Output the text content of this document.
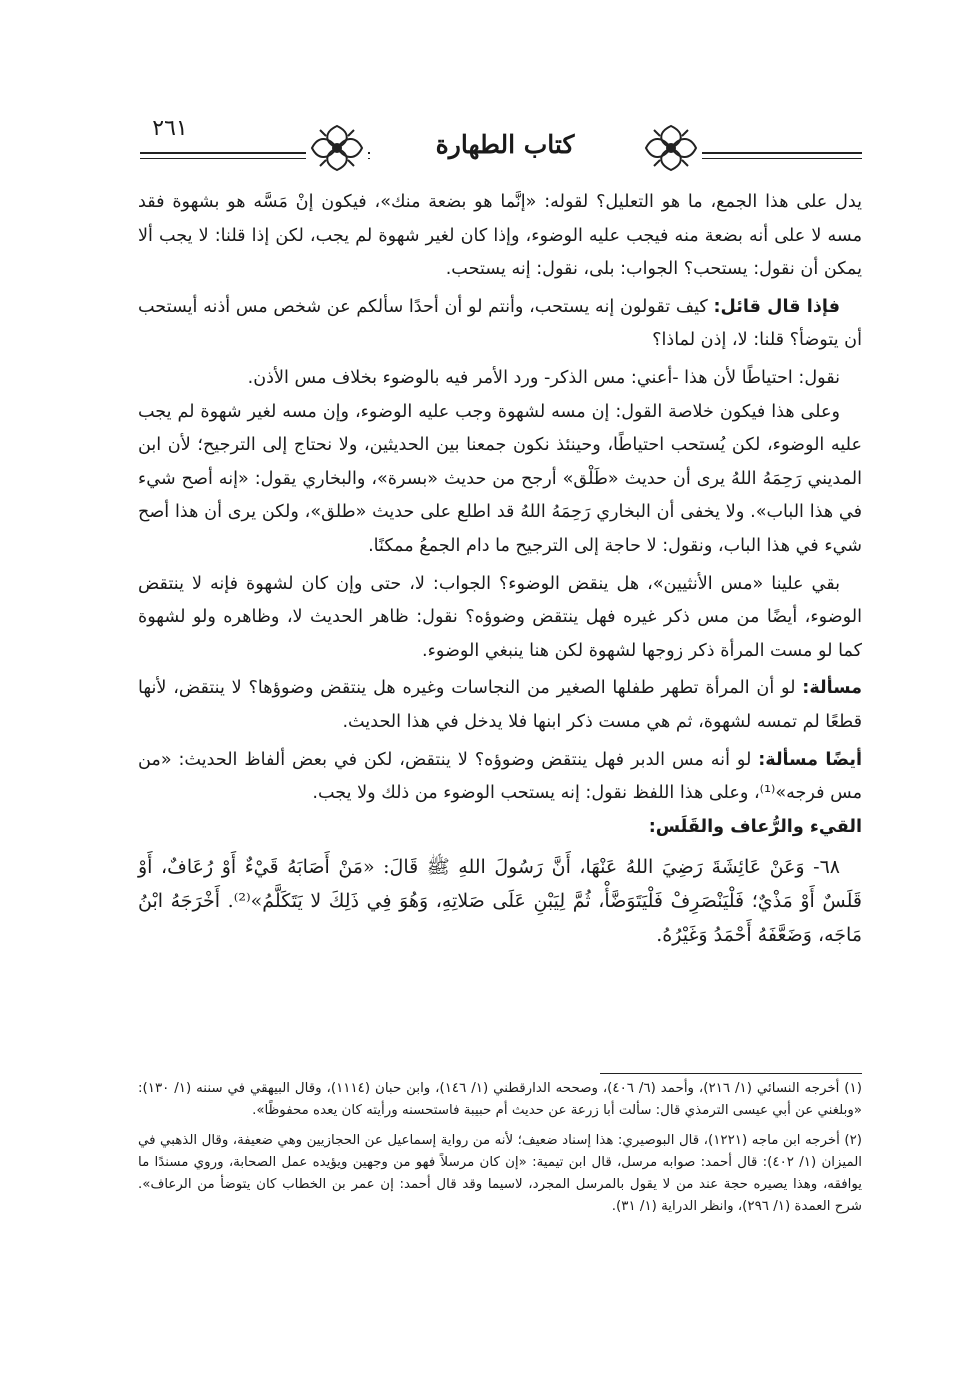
٢٦١
كتاب الطهارة

يدل على هذا الجمع، ما هو التعليل؟ لقوله: «إنَّما هو بضعة منك»، فيكون إنْ مَسَّه هو بشهوة فقد مسه لا على أنه بضعة منه فيجب عليه الوضوء، وإذا كان لغير شهوة لم يجب، لكن إذا قلنا: لا يجب ألا يمكن أن نقول: يستحب؟ الجواب: بلى، نقول: إنه يستحب.

فإذا قال قائل: كيف تقولون إنه يستحب، وأنتم لو أن أحدًا سألكم عن شخص مس أذنه أيستحب أن يتوضأ؟ قلنا: لا، إذن لماذا؟

نقول: احتياطًا لأن هذا -أعني: مس الذكر- ورد الأمر فيه بالوضوء بخلاف مس الأذن.

وعلى هذا فيكون خلاصة القول: إن مسه لشهوة وجب عليه الوضوء، وإن مسه لغير شهوة لم يجب عليه الوضوء، لكن يُستحب احتياطًا، وحينئذ نكون جمعنا بين الحديثين، ولا نحتاج إلى الترجيح؛ لأن ابن المديني رَحِمَهُ اللهُ يرى أن حديث «طَلْق» أرجح من حديث «بسرة»، والبخاري يقول: «إنه أصح شيء في هذا الباب». ولا يخفى أن البخاري رَحِمَهُ اللهُ قد اطلع على حديث «طلق»، ولكن يرى أن هذا أصح شيء في هذا الباب، ونقول: لا حاجة إلى الترجيح ما دام الجمعُ ممكنًا.

بقي علينا «مس الأنثيين»، هل ينقض الوضوء؟ الجواب: لا، حتى وإن كان لشهوة فإنه لا ينتقض الوضوء، أيضًا من مس ذكر غيره فهل ينتقض وضوؤه؟ نقول: ظاهر الحديث لا، وظاهره ولو لشهوة كما لو مست المرأة ذكر زوجها لشهوة لكن هنا ينبغي الوضوء.

مسألة: لو أن المرأة تطهر طفلها الصغير من النجاسات وغيره هل ينتقض وضوؤها؟ لا ينتقض، لأنها قطعًا لم تمسه لشهوة، ثم هي مست ذكر ابنها فلا يدخل في هذا الحديث.

أيضًا مسألة: لو أنه مس الدبر فهل ينتقض وضوؤه؟ لا ينتقض، لكن في بعض ألفاظ الحديث: «من مس فرجه»⁽¹⁾، وعلى هذا اللفظ نقول: إنه يستحب الوضوء من ذلك ولا يجب.

القيء والرُّعاف والقَلَس:

٦٨- وَعَنْ عَائِشَةَ رَضِيَ اللهُ عَنْهَا، أَنَّ رَسُولَ اللهِ ﷺ قَالَ: «مَنْ أَصَابَهُ قَيْءٌ أَوْ رُعَافٌ، أَوْ قَلَسٌ أَوْ مَذْيٌ؛ فَلْيَنْصَرِفْ فَلْيَتَوَضَّأْ، ثُمَّ لِيَبْنِ عَلَى صَلاتِهِ، وَهُوَ فِي ذَلِكَ لا يَتَكَلَّمُ»⁽²⁾. أَخْرَجَهُ ابْنُ مَاجَه، وَضَعَّفَهُ أَحْمَدُ وَغَيْرُهُ.

(١) أخرجه النسائي (١/ ٢١٦)، وأحمد (٦/ ٤٠٦)، وصححه الدارقطني (١/ ١٤٦)، وابن حبان (١١١٤)، وقال البيهقي في سننه (١/ ١٣٠): «وبلغني عن أبي عيسى الترمذي قال: سألت أبا زرعة عن حديث أم حبيبة فاستحسنه ورأيته كان يعده محفوظًا».

(٢) أخرجه ابن ماجه (١٢٢١)، قال البوصيري: هذا إسناد ضعيف؛ لأنه من رواية إسماعيل عن الحجازيين وهي ضعيفة، وقال الذهبي في الميزان (١/ ٤٠٢): قال أحمد: صوابه مرسل، قال ابن تيمية: «إن كان مرسلاً فهو من وجهين ويؤيده عمل الصحابة، وروي مسندًا ما يوافقه، وهذا يصيره حجة عند من لا يقول بالمرسل المجرد، لاسيما وقد قال أحمد: إن عمر بن الخطاب كان يتوضأ من الرعاف». شرح العمدة (١/ ٢٩٦)، وانظر الدراية (١/ ٣١).
